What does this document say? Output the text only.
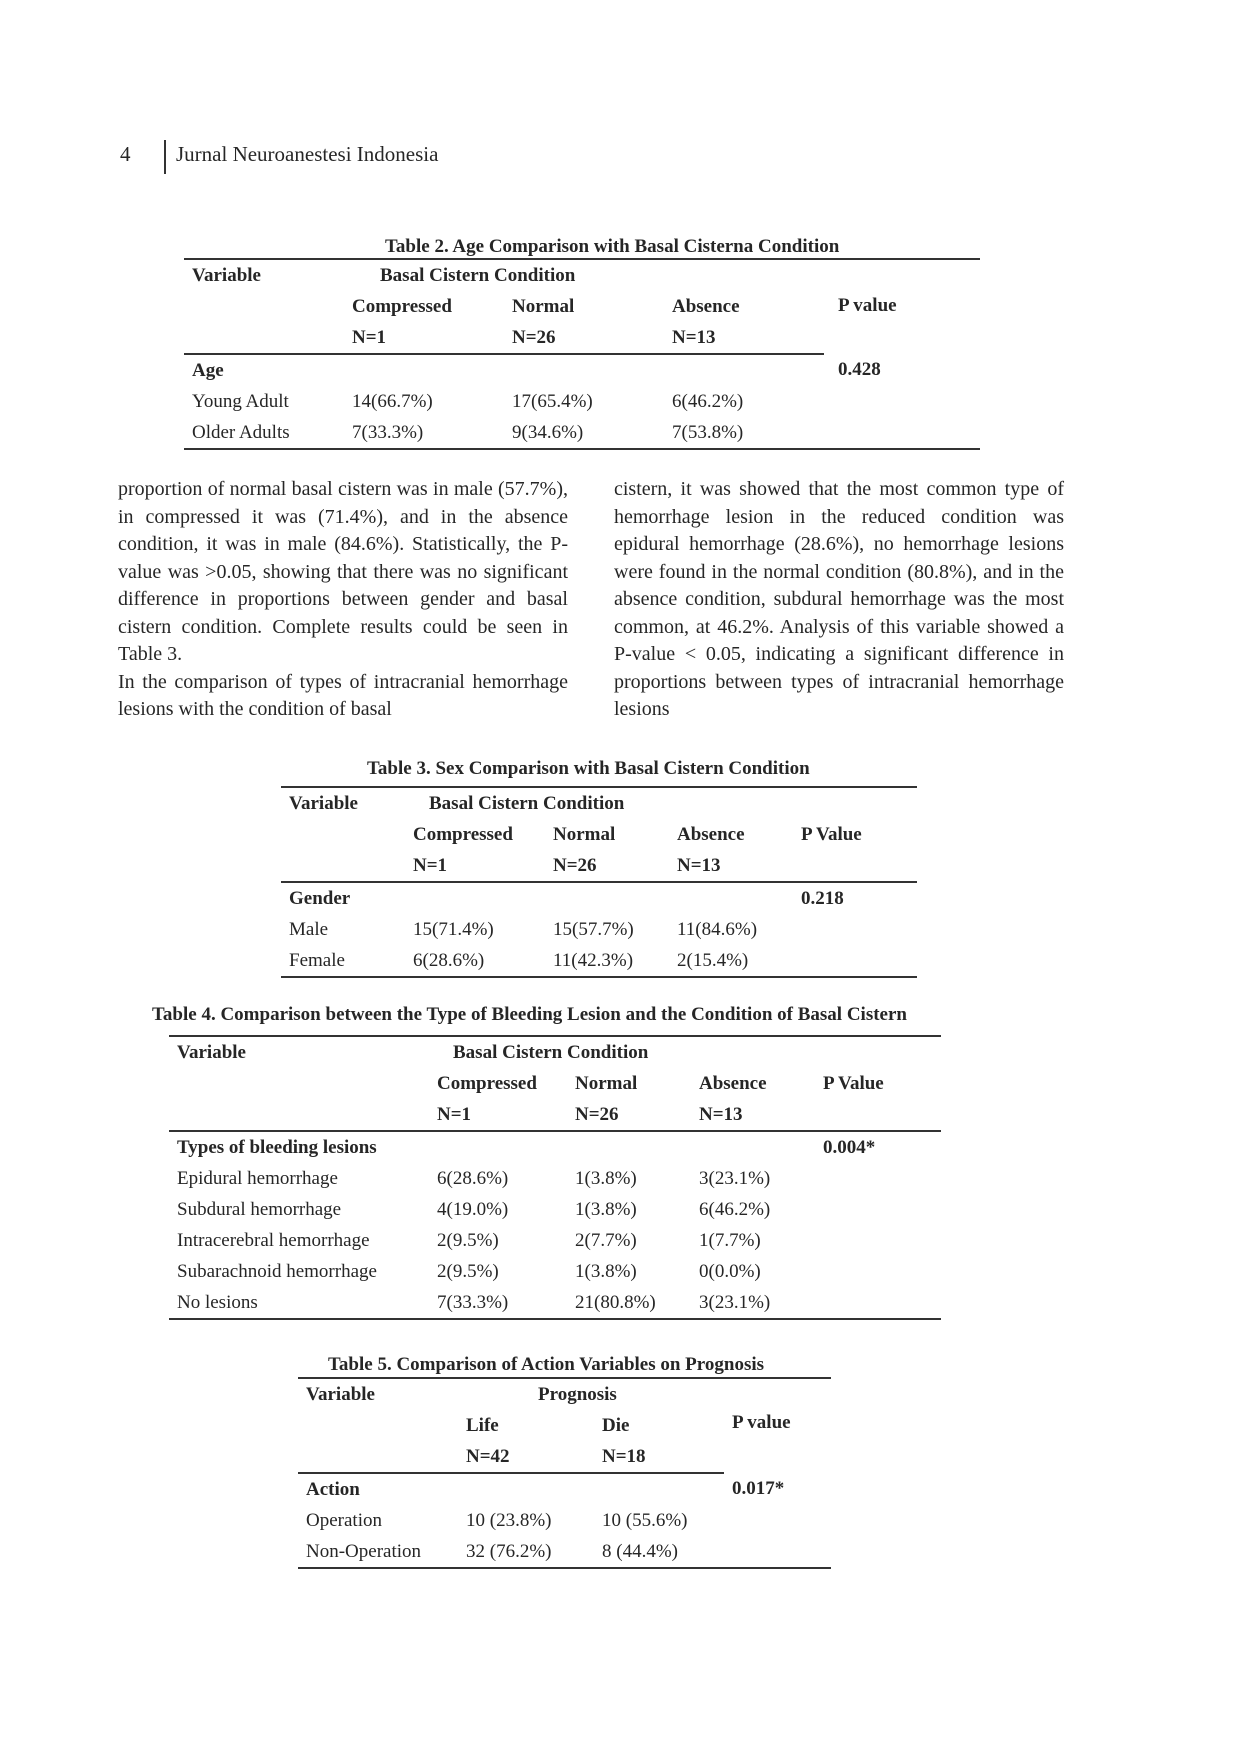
4	Jurnal Neuroanestesi Indonesia
Table 2. Age Comparison with Basal Cisterna Condition
Variable	Basal Cistern Condition			
	Compressed	Normal	Absence	P value
	N=1	N=26	N=13	
Age				0.428
Young Adult	14(66.7%)	17(65.4%)	6(46.2%)	
Older Adults	7(33.3%)	9(34.6%)	7(53.8%)	

proportion of normal basal cistern was in male (57.7%), in compressed it was (71.4%), and in the absence condition, it was in male (84.6%). Statistically, the P-value was >0.05, showing that there was no significant difference in proportions between gender and basal cistern condition. Complete results could be seen in Table 3.

In the comparison of types of intracranial hemorrhage lesions with the condition of basal

cistern, it was showed that the most common type of hemorrhage lesion in the reduced condition was epidural hemorrhage (28.6%), no hemorrhage lesions were found in the normal condition (80.8%), and in the absence condition, subdural hemorrhage was the most common, at 46.2%. Analysis of this variable showed a P-value < 0.05, indicating a significant difference in proportions between types of intracranial hemorrhage lesions

Table 3. Sex Comparison with Basal Cistern Condition
Variable	Basal Cistern Condition			
	Compressed	Normal	Absence	P Value
	N=1	N=26	N=13	
Gender				0.218
Male	15(71.4%)	15(57.7%)	11(84.6%)	
Female	6(28.6%)	11(42.3%)	2(15.4%)	
Table 4. Comparison between the Type of Bleeding Lesion and the Condition of Basal Cistern
Variable	Basal Cistern Condition			
	Compressed	Normal	Absence	P Value
	N=1	N=26	N=13	
Types of bleeding lesions				0.004*
Epidural hemorrhage	6(28.6%)	1(3.8%)	3(23.1%)	
Subdural hemorrhage	4(19.0%)	1(3.8%)	6(46.2%)	
Intracerebral hemorrhage	2(9.5%)	2(7.7%)	1(7.7%)	
Subarachnoid hemorrhage	2(9.5%)	1(3.8%)	0(0.0%)	
No lesions	7(33.3%)	21(80.8%)	3(23.1%)	
Table 5. Comparison of Action Variables on Prognosis
Variable	Prognosis		
	Life	Die	P value
	N=42	N=18	
Action			0.017*
Operation	10 (23.8%)	10 (55.6%)	
Non-Operation	32 (76.2%)	8 (44.4%)	
